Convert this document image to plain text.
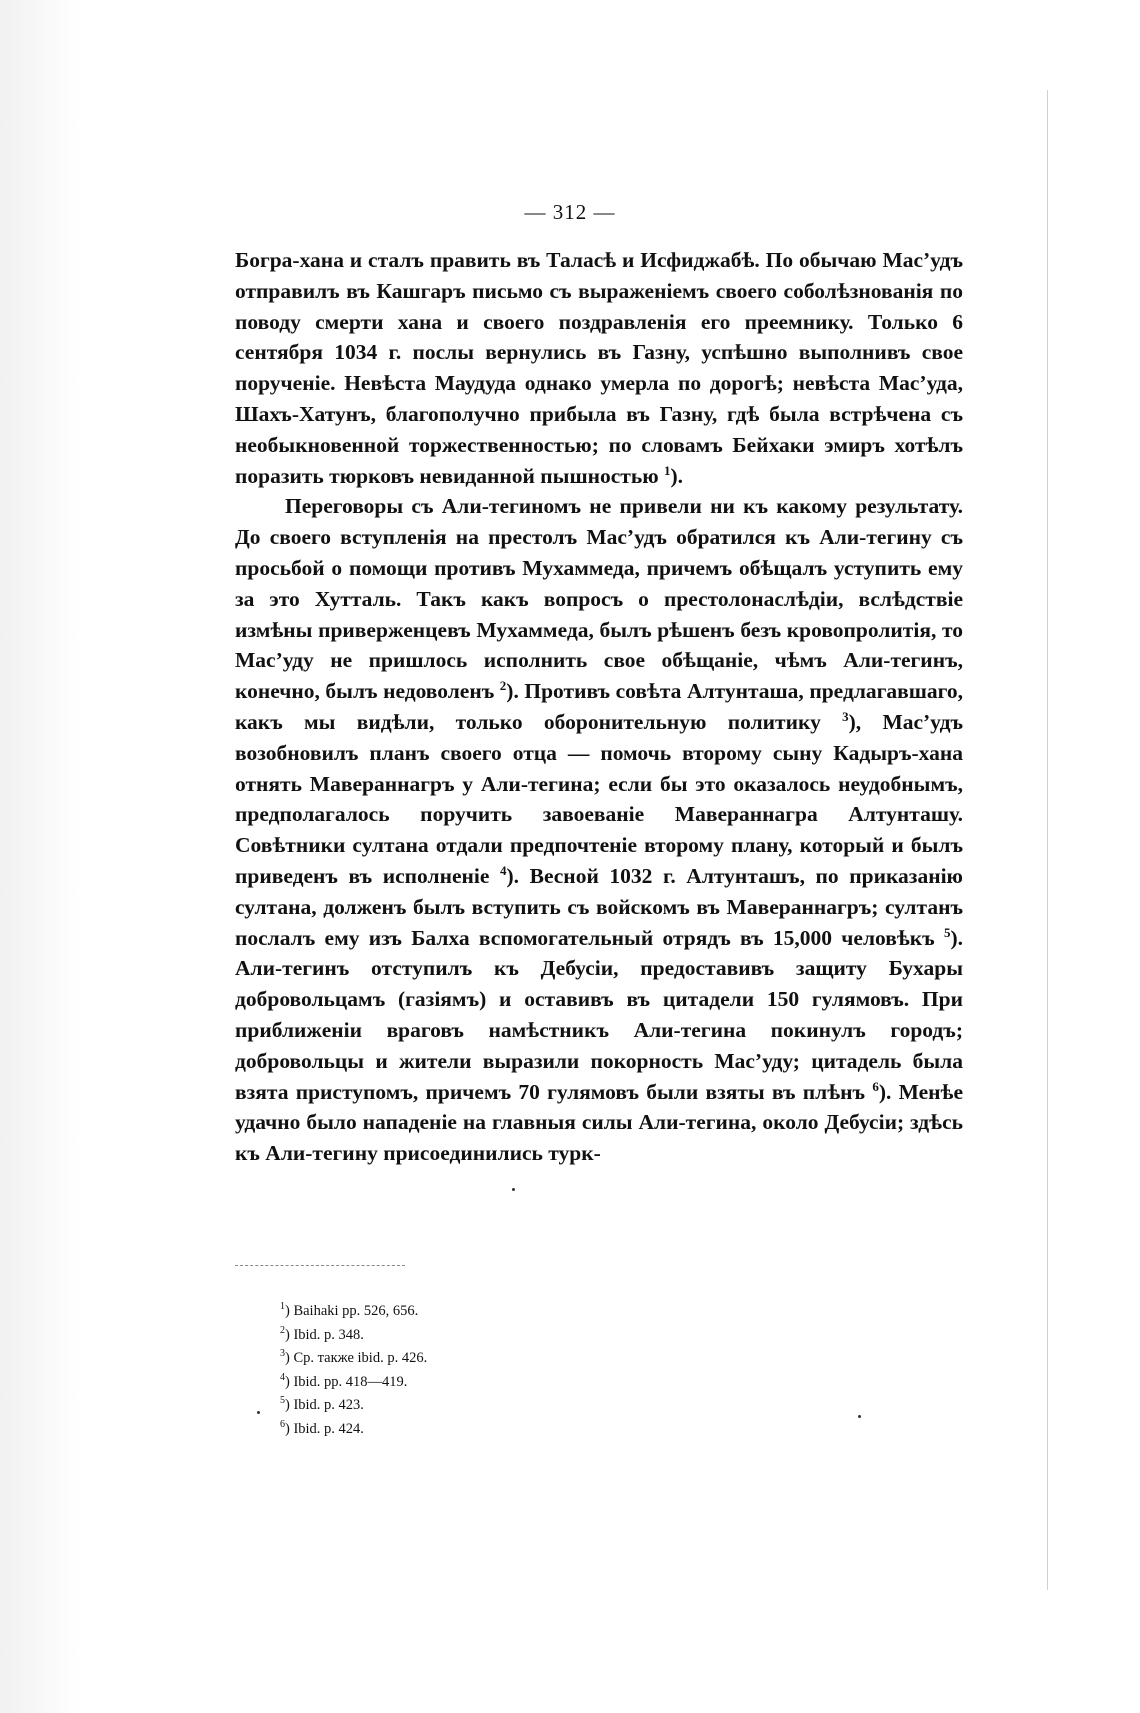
— 312 —

Богра-хана и сталъ править въ Таласѣ и Исфиджабѣ. По обычаю Мас’удъ отправилъ въ Кашгаръ письмо съ выраженіемъ своего соболѣзнованія по поводу смерти хана и своего поздравленія его преемнику. Только 6 сентября 1034 г. послы вернулись въ Газну, успѣшно выполнивъ свое порученіе. Невѣста Маудуда однако умерла по дорогѣ; невѣста Мас’уда, Шахъ-Хатунъ, благополучно прибыла въ Газну, гдѣ была встрѣчена съ необыкновенной торжественностью; по словамъ Бейхаки эмиръ хотѣлъ поразить тюрковъ невиданной пышностью $^1$).

Переговоры съ Али-тегиномъ не привели ни къ какому результату. До своего вступленія на престолъ Мас’удъ обратился къ Али-тегину съ просьбой о помощи противъ Мухаммеда, причемъ обѣщалъ уступить ему за это Хутталь. Такъ какъ вопросъ о престолонаслѣдіи, вслѣдствіе измѣны приверженцевъ Мухаммеда, былъ рѣшенъ безъ кровопролитія, то Мас’уду не пришлось исполнить свое обѣщаніе, чѣмъ Али-тегинъ, конечно, былъ недоволенъ $^2$). Противъ совѣта Алтунташа, предлагавшаго, какъ мы видѣли, только оборонительную политику $^3$), Мас’удъ возобновилъ планъ своего отца — помочь второму сыну Кадыръ-хана отнять Мавераннагръ у Али-тегина; если бы это оказалось неудобнымъ, предполагалось поручить завоеваніе Мавераннагра Алтунташу. Совѣтники султана отдали предпочтеніе второму плану, который и былъ приведенъ въ исполненіе $^4$). Весной 1032 г. Алтунташъ, по приказанію султана, долженъ былъ вступить съ войскомъ въ Мавераннагръ; султанъ послалъ ему изъ Балха вспомогательный отрядъ въ 15,000 человѣкъ $^5$). Али-тегинъ отступилъ къ Дебусіи, предоставивъ защиту Бухары добровольцамъ (газіямъ) и оставивъ въ цитадели 150 гулямовъ. При приближеніи враговъ намѣстникъ Али-тегина покинулъ городъ; добровольцы и жители выразили покорность Мас’уду; цитадель была взята приступомъ, причемъ 70 гулямовъ были взяты въ плѣнъ $^6$). Менѣе удачно было нападеніе на главныя силы Али-тегина, около Дебусіи; здѣсь къ Али-тегину присоединились турк-

$^1$) Baihaki pp. 526, 656.

$^2$) Ibid. p. 348.

$^3$) Ср. также ibid. p. 426.

$^4$) Ibid. pp. 418—419.

$^5$) Ibid. p. 423.

$^6$) Ibid. p. 424.
